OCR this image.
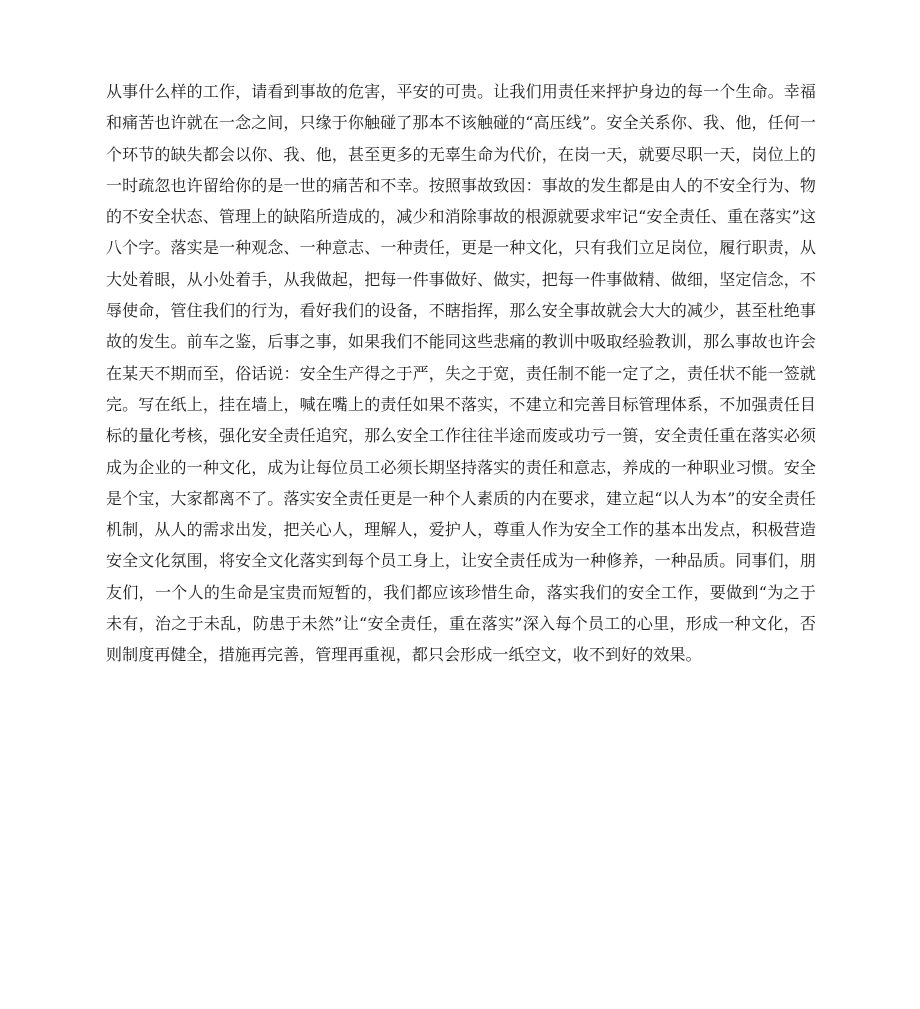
从事什么样的工作，请看到事故的危害，平安的可贵。让我们用责任来抨护身边的每一个生命。幸福和痛苦也许就在一念之间，只缘于你触碰了那本不该触碰的“高压线”。安全关系你、我、他，任何一个环节的缺失都会以你、我、他，甚至更多的无辜生命为代价，在岗一天，就要尽职一天，岗位上的一时疏忽也许留给你的是一世的痛苦和不幸。按照事故致因：事故的发生都是由人的不安全行为、物的不安全状态、管理上的缺陷所造成的，减少和消除事故的根源就要求牢记“安全责任、重在落实”这八个字。落实是一种观念、一种意志、一种责任，更是一种文化，只有我们立足岗位，履行职责，从大处着眼，从小处着手，从我做起，把每一件事做好、做实，把每一件事做精、做细，坚定信念，不辱使命，管住我们的行为，看好我们的设备，不瞎指挥，那么安全事故就会大大的减少，甚至杜绝事故的发生。前车之鉴，后事之事，如果我们不能同这些悲痛的教训中吸取经验教训，那么事故也许会在某天不期而至，俗话说：安全生产得之于严，失之于宽，责任制不能一定了之，责任状不能一签就完。写在纸上，挂在墙上，喊在嘴上的责任如果不落实，不建立和完善目标管理体系，不加强责任目标的量化考核，强化安全责任追究，那么安全工作往往半途而废或功亏一篑，安全责任重在落实必须成为企业的一种文化，成为让每位员工必须长期坚持落实的责任和意志，养成的一种职业习惯。安全是个宝，大家都离不了。落实安全责任更是一种个人素质的内在要求，建立起“以人为本”的安全责任机制，从人的需求出发，把关心人，理解人，爱护人，尊重人作为安全工作的基本出发点，积极营造安全文化氛围，将安全文化落实到每个员工身上，让安全责任成为一种修养，一种品质。同事们，朋友们，一个人的生命是宝贵而短暂的，我们都应该珍惜生命，落实我们的安全工作，要做到“为之于未有，治之于未乱，防患于未然”让“安全责任，重在落实”深入每个员工的心里，形成一种文化，否则制度再健全，措施再完善，管理再重视，都只会形成一纸空文，收不到好的效果。
